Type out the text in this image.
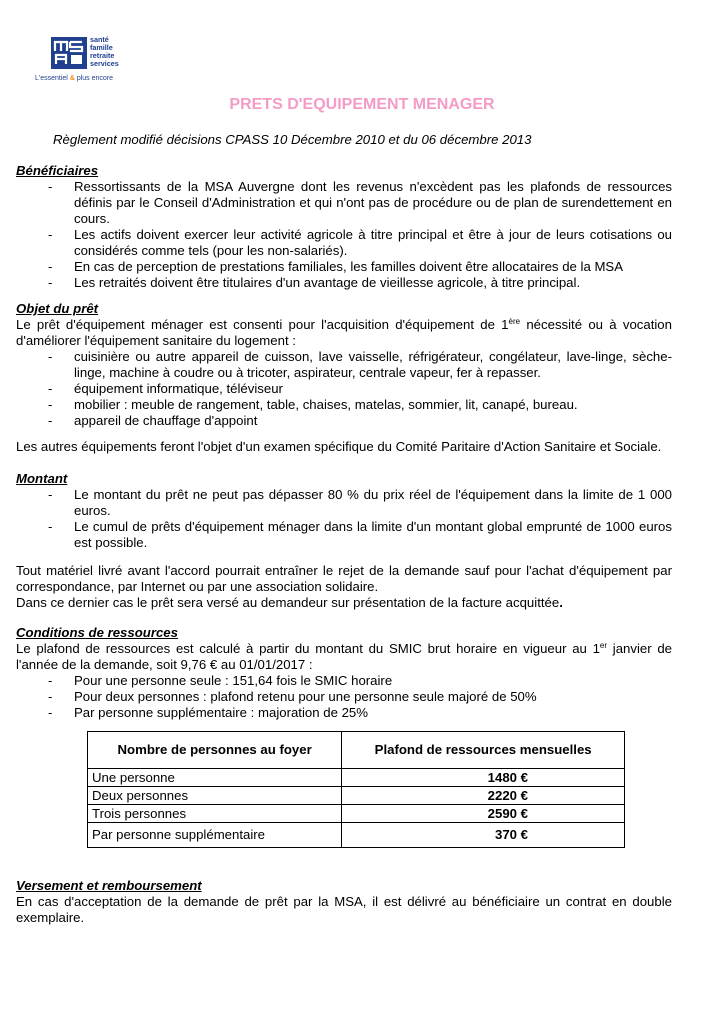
santé
famille
retraite
services
L'essentiel & plus encore
PRETS D'EQUIPEMENT MENAGER
Règlement modifié décisions CPASS 10 Décembre 2010 et du 06 décembre 2013
Bénéficiaires
- Ressortissants de la MSA Auvergne dont les revenus n'excèdent pas les plafonds de ressources définis par le Conseil d'Administration et qui n'ont pas de procédure ou de plan de surendettement en cours.
- Les actifs doivent exercer leur activité agricole à titre principal et être à jour de leurs cotisations ou considérés comme tels (pour les non-salariés).
- En cas de perception de prestations familiales, les familles doivent être allocataires de la MSA
- Les retraités doivent être titulaires d'un avantage de vieillesse agricole, à titre principal.
Objet du prêt
Le prêt d'équipement ménager est consenti pour l'acquisition d'équipement de 1ère nécessité ou à vocation d'améliorer l'équipement sanitaire du logement :
- cuisinière ou autre appareil de cuisson, lave vaisselle, réfrigérateur, congélateur, lave-linge, sèche-linge, machine à coudre ou à tricoter, aspirateur, centrale vapeur, fer à repasser.
- équipement informatique, téléviseur
- mobilier : meuble de rangement, table, chaises, matelas, sommier, lit, canapé, bureau.
- appareil de chauffage d'appoint
Les autres équipements feront l'objet d'un examen spécifique du Comité Paritaire d'Action Sanitaire et Sociale.
Montant
- Le montant du prêt ne peut pas dépasser 80 % du prix réel de l'équipement dans la limite de 1 000 euros.
- Le cumul de prêts d'équipement ménager dans la limite d'un montant global emprunté de 1000 euros est possible.
Tout matériel livré avant l'accord pourrait entraîner le rejet de la demande sauf pour l'achat d'équipement par correspondance, par Internet ou par une association solidaire.
Dans ce dernier cas le prêt sera versé au demandeur sur présentation de la facture acquittée.
Conditions de ressources
Le plafond de ressources est calculé à partir du montant du SMIC brut horaire en vigueur au 1er janvier de l'année de la demande, soit 9,76 € au 01/01/2017 :
- Pour une personne seule : 151,64 fois le SMIC horaire
- Pour deux personnes : plafond retenu pour une personne seule majoré de 50%
- Par personne supplémentaire : majoration de 25%
Nombre de personnes au foyer	Plafond de ressources mensuelles
Une personne	1480 €
Deux personnes	2220 €
Trois personnes	2590 €
Par personne supplémentaire	370 €
Versement et remboursement
En cas d'acceptation de la demande de prêt par la MSA, il est délivré au bénéficiaire un contrat en double exemplaire.
